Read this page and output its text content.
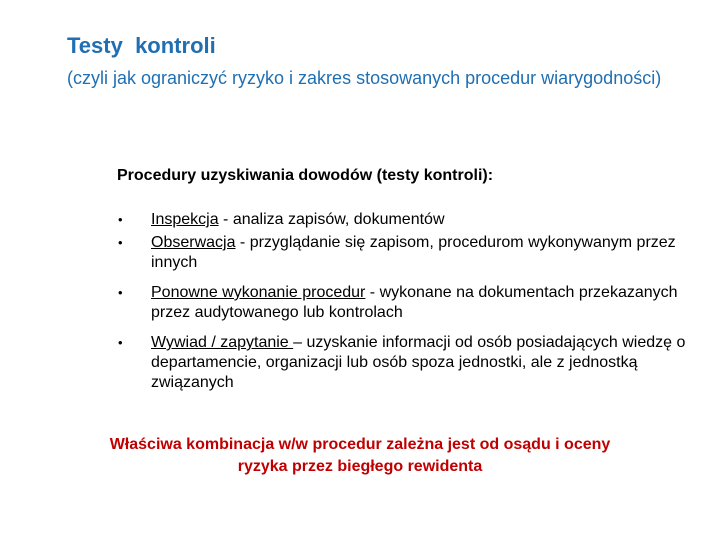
Testy  kontroli
(czyli jak ograniczyć ryzyko i zakres stosowanych procedur wiarygodności)
Procedury uzyskiwania dowodów (testy kontroli):
• Inspekcja - analiza zapisów, dokumentów
• Obserwacja - przyglądanie się zapisom, procedurom wykonywanym przez innych
• Ponowne wykonanie procedur - wykonane na dokumentach przekazanych przez audytowanego lub kontrolach
• Wywiad / zapytanie – uzyskanie informacji od osób posiadających wiedzę o departamencie, organizacji lub osób spoza jednostki, ale z jednostką związanych
Właściwa kombinacja w/w procedur zależna jest od osądu i oceny ryzyka przez biegłego rewidenta
